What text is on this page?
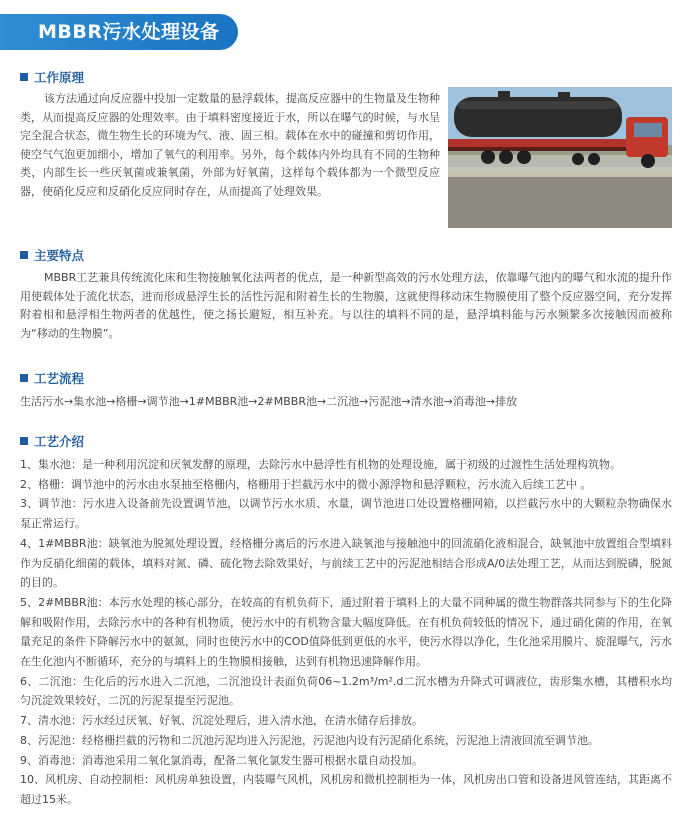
MBBR污水处理设备
工作原理

该方法通过向反应器中投加一定数量的悬浮载体，提高反应器中的生物量及生物种类，从而提高反应器的处理效率。由于填料密度接近于水，所以在曝气的时候，与水呈完全混合状态，微生物生长的环境为气、液、固三相。载体在水中的碰撞和剪切作用，使空气气泡更加细小，增加了氧气的利用率。另外，每个载体内外均具有不同的生物种类，内部生长一些厌氧菌或兼氧菌，外部为好氧菌，这样每个载体都为一个微型反应器，使硝化反应和反硝化反应同时存在，从而提高了处理效果。

主要特点

MBBR工艺兼具传统流化床和生物接触氧化法两者的优点，是一种新型高效的污水处理方法，依靠曝气池内的曝气和水流的提升作用使载体处于流化状态，进而形成悬浮生长的活性污泥和附着生长的生物膜，这就使得移动床生物膜使用了整个反应器空间，充分发挥附着相和悬浮相生物两者的优越性，使之扬长避短，相互补充。与以往的填料不同的是，悬浮填料能与污水频繁多次接触因而被称为“移动的生物膜”。

工艺流程

生活污水→集水池→格栅→调节池→1#MBBR池→2#MBBR池→二沉池→污泥池→清水池→消毒池→排放

工艺介绍

1、集水池：是一种利用沉淀和厌氧发酵的原理，去除污水中悬浮性有机物的处理设施，属于初级的过渡性生活处理构筑物。

2、格栅：调节池中的污水由水泵抽至格栅内，格栅用于拦截污水中的微小源浮物和悬浮颗粒，污水流入后续工艺中 。

3、调节池：污水进入设备前先设置调节池，以调节污水水质、水量，调节池进口处设置格栅网箱，以拦截污水中的大颗粒杂物确保水泵正常运行。

4、1#MBBR池：缺氧池为脱氮处理设置，经格栅分离后的污水进入缺氧池与接触池中的回流硝化液相混合，缺氧池中放置组合型填料作为反硝化细菌的载体，填料对氮、磷、硫化物去除效果好，与前续工艺中的污泥池相结合形成A/0法处理工艺，从而达到脱磷，脱氮的目的。

5、2#MBBR池：本污水处理的核心部分，在较高的有机负荷下，通过附着于填料上的大量不同种属的微生物群落共同参与下的生化降解和吸附作用，去除污水中的各种有机物质，使污水中的有机物含量大幅度降低。在有机负荷较低的情况下，通过硝化菌的作用，在氧量充足的条件下降解污水中的氨氮，同时也使污水中的COD值降低到更低的水平，使污水得以净化，生化池采用膜片、旋混曝气，污水在生化池内不断循环，充分的与填料上的生物膜相接触，达到有机物迅速降解作用。

6、二沉池：生化后的污水进入二沉池，二沉池设计表面负荷06~1.2m³/m².d二沉水槽为升降式可调液位，齿形集水槽，其槽积水均匀沉淀效果较好，二沉的污泥泵提至污泥池。

7、清水池：污水经过厌氧、好氧、沉淀处理后，进入清水池，在清水储存后排放。

8、污泥池：经格栅拦截的污物和二沉池污泥均进入污泥池，污泥池内设有污泥硝化系统，污泥池上清液回流至调节池。

9、消毒池：消毒池采用二氧化氯消毒，配备二氧化氯发生器可根据水量自动投加。

10、风机房、自动控制柜：风机房单独设置，内装曝气风机，风机房和微机控制柜为一体，风机房出口管和设备进风管连结，其距离不超过15米。
